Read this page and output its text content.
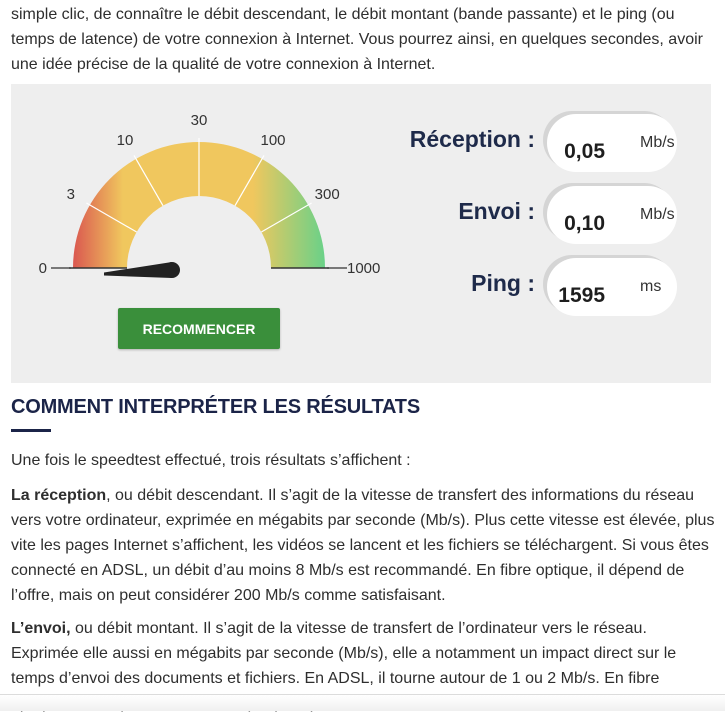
simple clic, de connaître le débit descendant, le débit montant (bande passante) et le ping (ou temps de latence) de votre connexion à Internet. Vous pourrez ainsi, en quelques secondes, avoir une idée précise de la qualité de votre connexion à Internet.

0
3
10
30
100
300
1000
RECOMMENCER
Réception : 0,05 Mb/s
Envoi : 0,10 Mb/s
Ping : 1595 ms
COMMENT INTERPRÉTER LES RÉSULTATS

Une fois le speedtest effectué, trois résultats s’affichent :

La réception, ou débit descendant. Il s’agit de la vitesse de transfert des informations du réseau vers votre ordinateur, exprimée en mégabits par seconde (Mb/s). Plus cette vitesse est élevée, plus vite les pages Internet s’affichent, les vidéos se lancent et les fichiers se téléchargent. Si vous êtes connecté en ADSL, un débit d’au moins 8 Mb/s est recommandé. En fibre optique, il dépend de l’offre, mais on peut considérer 200 Mb/s comme satisfaisant.

L’envoi, ou débit montant. Il s’agit de la vitesse de transfert de l’ordinateur vers le réseau. Exprimée elle aussi en mégabits par seconde (Mb/s), elle a notamment un impact direct sur le temps d’envoi des documents et fichiers. En ADSL, il tourne autour de 1 ou 2 Mb/s. En fibre
